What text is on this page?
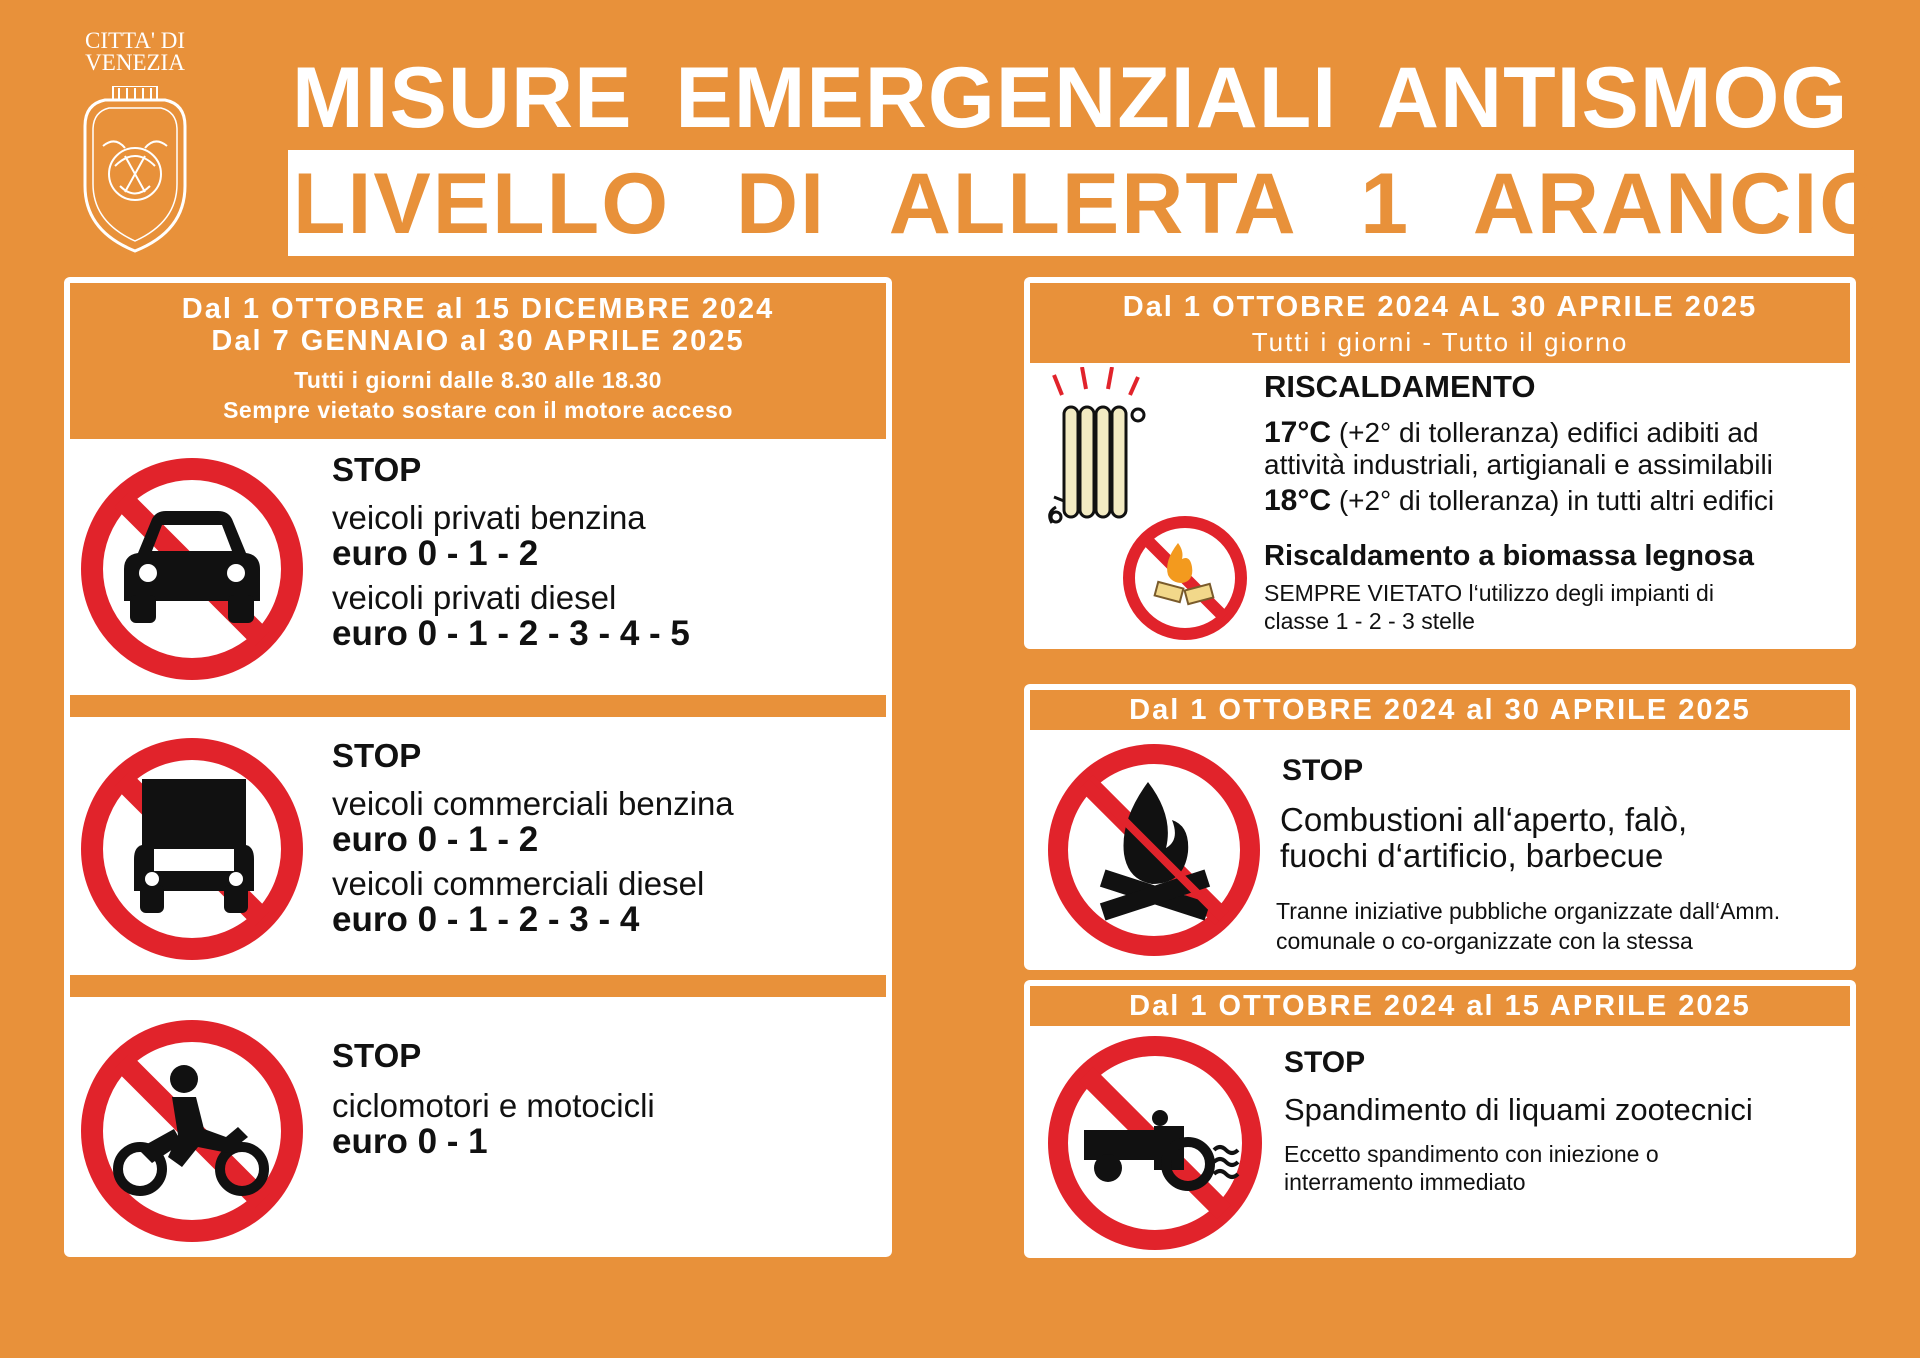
CITTA' DI
VENEZIA MISURE EMERGENZIALI ANTISMOG
LIVELLO DI ALLERTA 1 ARANCIO
Dal 1 OTTOBRE al 15 DICEMBRE 2024
Dal 7 GENNAIO al 30 APRILE 2025
Tutti i giorni dalle 8.30 alle 18.30
Sempre vietato sostare con il motore acceso
STOP
veicoli privati benzina
euro 0 - 1 - 2
veicoli privati diesel
euro 0 - 1 - 2 - 3 - 4 - 5
STOP
veicoli commerciali benzina
euro 0 - 1 - 2
veicoli commerciali diesel
euro 0 - 1 - 2 - 3 - 4
STOP
ciclomotori e motocicli
euro 0 - 1
Dal 1 OTTOBRE 2024 AL 30 APRILE 2025
Tutti i giorni - Tutto il giorno
RISCALDAMENTO
17°C (+2° di tolleranza) edifici adibiti ad
attività industriali, artigianali e assimilabili
18°C (+2° di tolleranza) in tutti altri edifici
Riscaldamento a biomassa legnosa
SEMPRE VIETATO l‘utilizzo degli impianti di
classe 1 - 2 - 3 stelle
Dal 1 OTTOBRE 2024 al 30 APRILE 2025
STOP
Combustioni all‘aperto, falò,
fuochi d‘artificio, barbecue
Tranne iniziative pubbliche organizzate dall‘Amm.
comunale o co-organizzate con la stessa
Dal 1 OTTOBRE 2024 al 15 APRILE 2025
STOP
Spandimento di liquami zootecnici
Eccetto spandimento con iniezione o
interramento immediato
